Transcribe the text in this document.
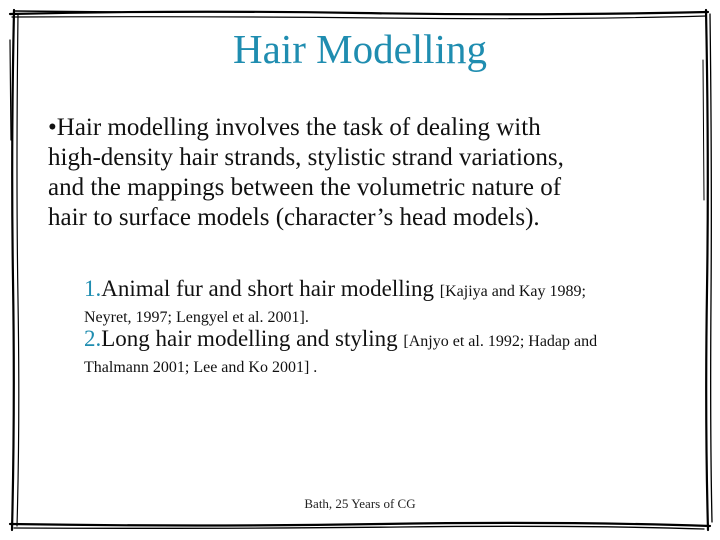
Hair Modelling
•Hair modelling involves the task of dealing with
high-density hair strands, stylistic strand variations,
and the mappings between the volumetric nature of
hair to surface models (character’s head models).
1.Animal fur and short hair modelling [Kajiya and Kay 1989;
Neyret, 1997; Lengyel et al. 2001].
2.Long hair modelling and styling [Anjyo et al. 1992; Hadap and
Thalmann 2001; Lee and Ko 2001] .
Bath, 25 Years of CG
